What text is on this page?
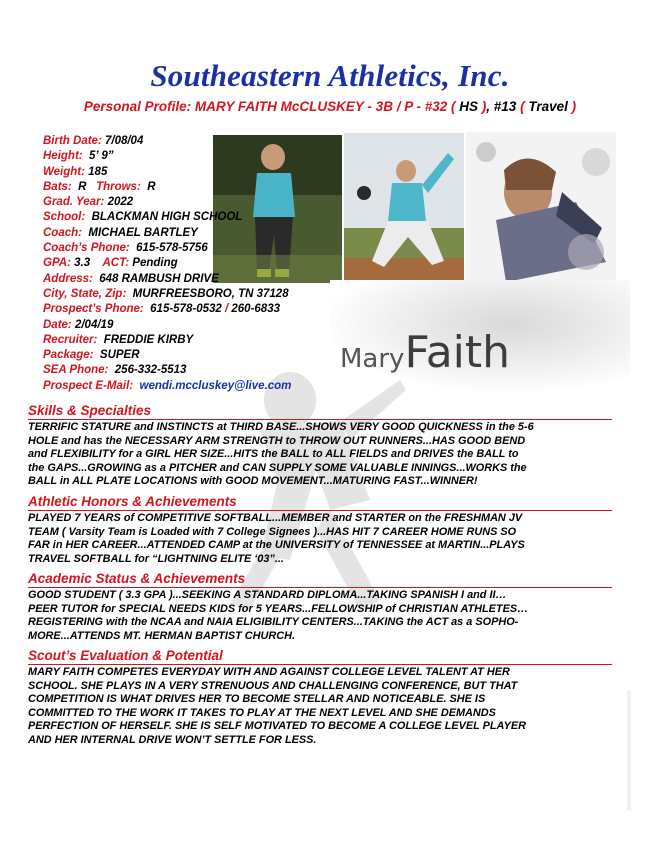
Southeastern Athletics, Inc.
Personal Profile: MARY FAITH McCLUSKEY - 3B / P - #32 ( HS ), #13 ( Travel )
MaryFaith
Birth Date: 7/08/04
Height: 5’ 9”
Weight: 185
Bats: R Throws: R
Grad. Year: 2022
School: BLACKMAN HIGH SCHOOL
Coach: MICHAEL BARTLEY
Coach’s Phone: 615-578-5756
GPA: 3.3 ACT: Pending
Address: 648 RAMBUSH DRIVE
City, State, Zip: MURFREESBORO, TN 37128
Prospect’s Phone: 615-578-0532 / 260-6833
Date: 2/04/19
Recruiter: FREDDIE KIRBY
Package: SUPER
SEA Phone: 256-332-5513
Prospect E-Mail: wendi.mccluskey@live.com
Skills & Specialties
TERRIFIC STATURE and INSTINCTS at THIRD BASE...SHOWS VERY GOOD QUICKNESS in the 5-6
HOLE and has the NECESSARY ARM STRENGTH to THROW OUT RUNNERS...HAS GOOD BEND
and FLEXIBILITY for a GIRL HER SIZE...HITS the BALL to ALL FIELDS and DRIVES the BALL to
the GAPS...GROWING as a PITCHER and CAN SUPPLY SOME VALUABLE INNINGS...WORKS the
BALL in ALL PLATE LOCATIONS with GOOD MOVEMENT...MATURING FAST...WINNER!
Athletic Honors & Achievements
PLAYED 7 YEARS of COMPETITIVE SOFTBALL...MEMBER and STARTER on the FRESHMAN JV
TEAM ( Varsity Team is Loaded with 7 College Signees )...HAS HIT 7 CAREER HOME RUNS SO
FAR in HER CAREER...ATTENDED CAMP at the UNIVERSITY of TENNESSEE at MARTIN...PLAYS
TRAVEL SOFTBALL for “LIGHTNING ELITE ‘03”...
Academic Status & Achievements
GOOD STUDENT ( 3.3 GPA )...SEEKING A STANDARD DIPLOMA...TAKING SPANISH I and II…
PEER TUTOR for SPECIAL NEEDS KIDS for 5 YEARS...FELLOWSHIP of CHRISTIAN ATHLETES…
REGISTERING with the NCAA and NAIA ELIGIBILITY CENTERS...TAKING the ACT as a SOPHO-
MORE...ATTENDS MT. HERMAN BAPTIST CHURCH.
Scout’s Evaluation & Potential
MARY FAITH COMPETES EVERYDAY WITH AND AGAINST COLLEGE LEVEL TALENT AT HER
SCHOOL. SHE PLAYS IN A VERY STRENUOUS AND CHALLENGING CONFERENCE, BUT THAT
COMPETITION IS WHAT DRIVES HER TO BECOME STELLAR AND NOTICEABLE. SHE IS
COMMITTED TO THE WORK IT TAKES TO PLAY AT THE NEXT LEVEL AND SHE DEMANDS
PERFECTION OF HERSELF. SHE IS SELF MOTIVATED TO BECOME A COLLEGE LEVEL PLAYER
AND HER INTERNAL DRIVE WON’T SETTLE FOR LESS.
